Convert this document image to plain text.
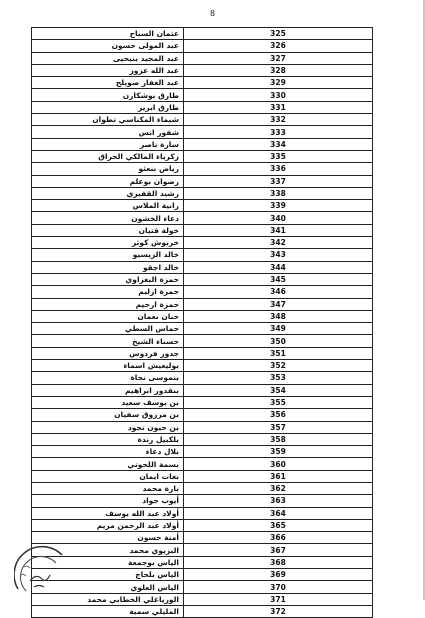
8
عثمان السباح	325
عبد المولى حسون	326
عبد المجيد بنيحيى	327
عبد الله عزوز	328
عبد الغفار صويلح	329
طارق بوشكارن	330
طارق ابرير	331
شيماء المكناسي تطوان	332
شفور انس	333
سارة ناصر	334
زكرياء المالكي الحراق	335
رياض بنعثو	336
رضوان بوعلم	337
رشيد القفيري	338
رانية الملاس	339
دعاء الخشون	340
خولة قتيان	341
خربوش كوثر	342
خالد الزيسيو	343
خالد اجقو	344
حمزة البغزاوي	345
حمزة ازليم	346
حمزة ارحيم	347
حنان نعمان	348
حماس السطي	349
حسناء الشيخ	350
جدور فردوس	351
بوليعيش اسماء	352
بنموسى نجاة	353
بنقدور ابراهيم	354
بن يوسف سعيد	355
بن مرزوق سفيان	356
بن حيون نجود	357
بلكبيل رندة	358
بلال دعاء	359
بسمة اللحوتي	360
بغات ايمان	361
بارة محمد	362
أيوب جواد	363
أولاد عبد الله يوسف	364
أولاد عبد الرحمن مريم	365
أمنة حسون	366
البزيوي محمد	367
الياس بوجمعة	368
الياس بلحاج	369
الياس العلوي	370
الورياغلي الخطابي محمد	371
المليلي سمية	372
